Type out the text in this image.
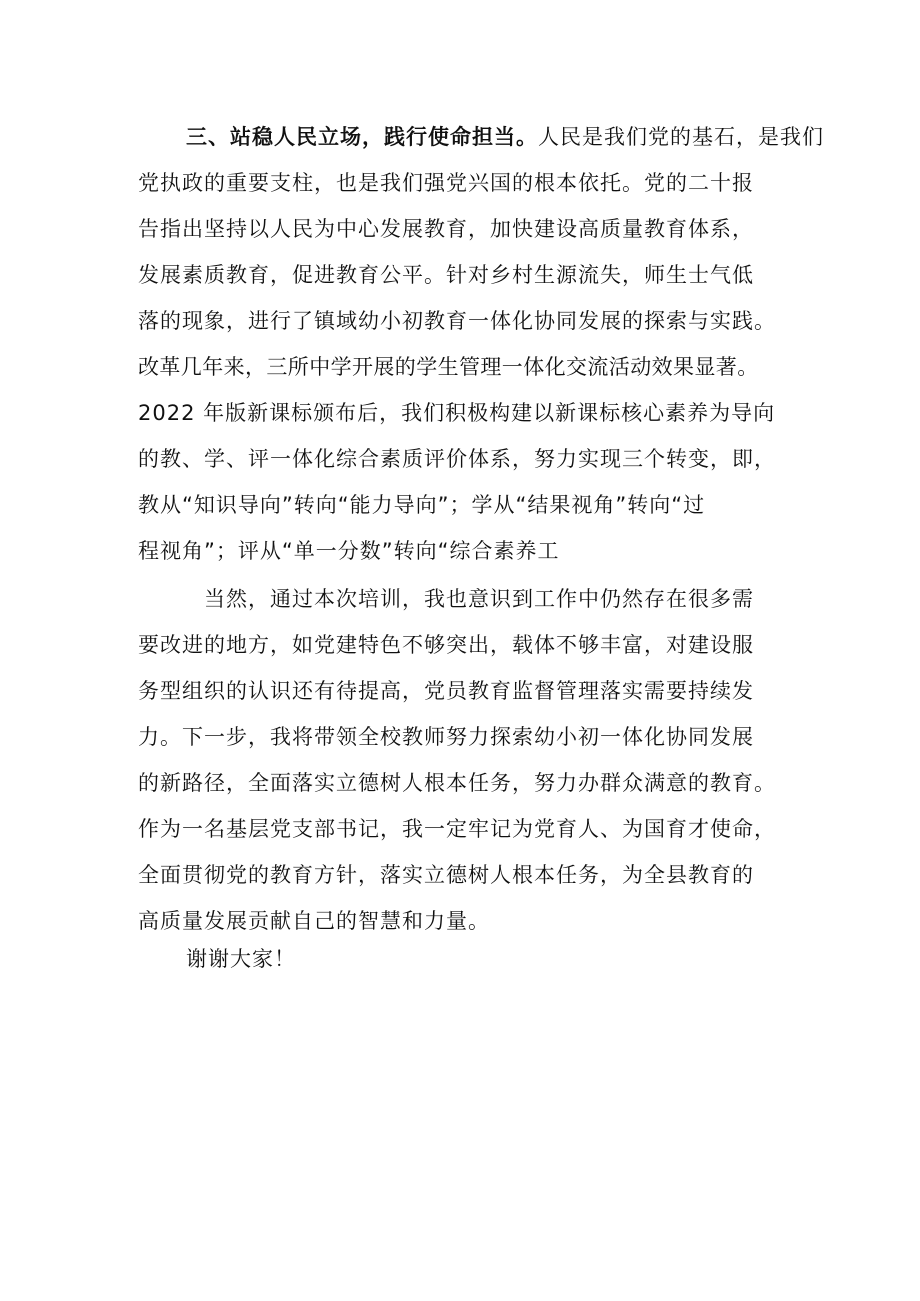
三、站稳人民立场，践行使命担当。人民是我们党的基石，是我们
党执政的重要支柱，也是我们强党兴国的根本依托。党的二十报
告指出坚持以人民为中心发展教育，加快建设高质量教育体系，
发展素质教育，促进教育公平。针对乡村生源流失，师生士气低
落的现象，进行了镇域幼小初教育一体化协同发展的探索与实践。
改革几年来，三所中学开展的学生管理一体化交流活动效果显著。
2022 年版新课标颁布后，我们积极构建以新课标核心素养为导向
的教、学、评一体化综合素质评价体系，努力实现三个转变，即，
教从“知识导向”转向“能力导向”；学从“结果视角”转向“过
程视角”；评从“单一分数”转向“综合素养工
当然，通过本次培训，我也意识到工作中仍然存在很多需
要改进的地方，如党建特色不够突出，载体不够丰富，对建设服
务型组织的认识还有待提高，党员教育监督管理落实需要持续发
力。下一步，我将带领全校教师努力探索幼小初一体化协同发展
的新路径，全面落实立德树人根本任务，努力办群众满意的教育。
作为一名基层党支部书记，我一定牢记为党育人、为国育才使命，
全面贯彻党的教育方针，落实立德树人根本任务，为全县教育的
高质量发展贡献自己的智慧和力量。
谢谢大家！
